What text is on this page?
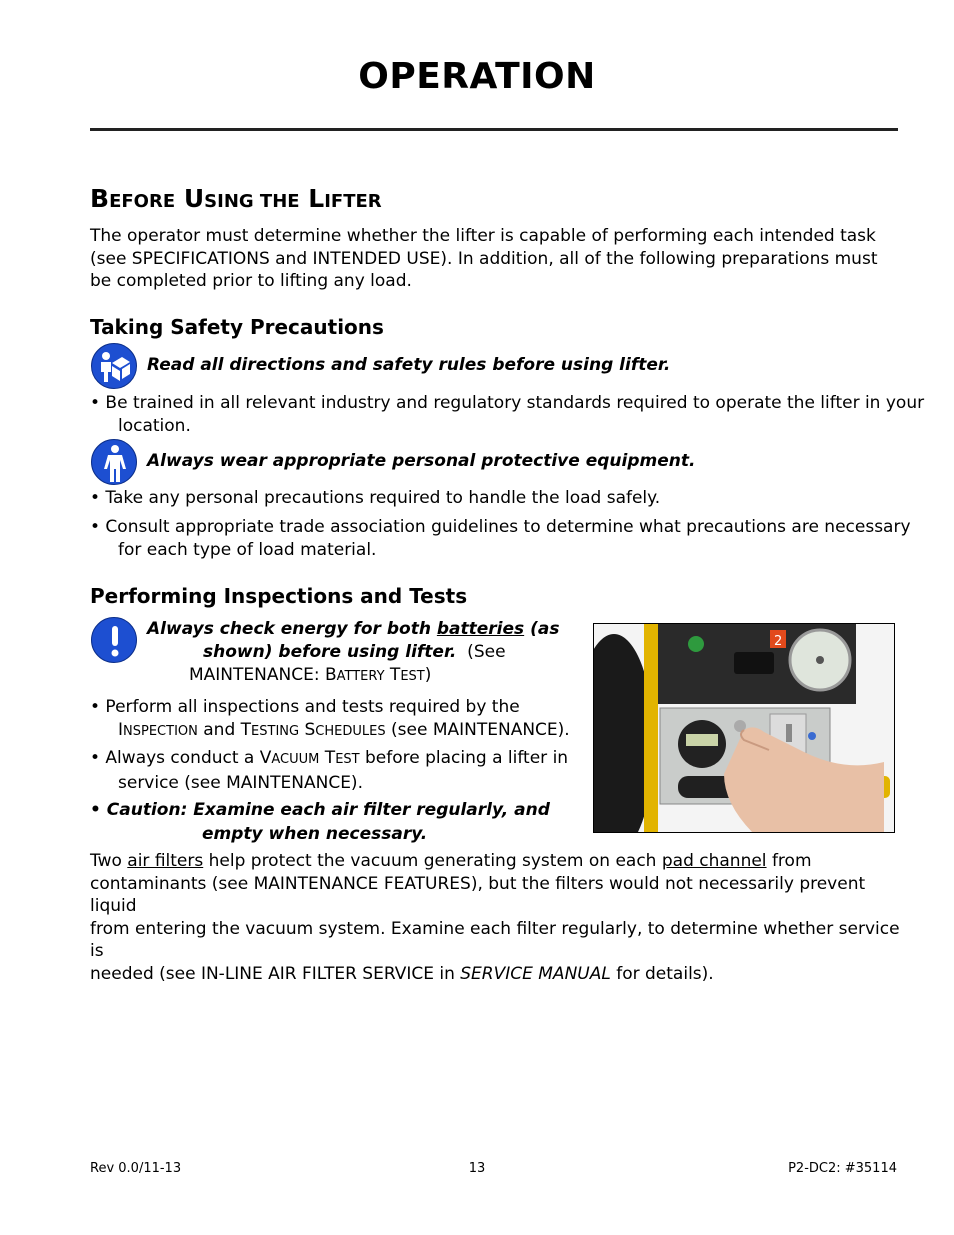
OPERATION
BEFORE USING THE LIFTER
The operator must determine whether the lifter is capable of performing each intended task (see SPECIFICATIONS and INTENDED USE). In addition, all of the following preparations must be completed prior to lifting any load.
Taking Safety Precautions
Read all directions and safety rules before using lifter.
• Be trained in all relevant industry and regulatory standards required to operate the lifter in your
location.
Always wear appropriate personal protective equipment.
• Take any personal precautions required to handle the load safely.
• Consult appropriate trade association guidelines to determine what precautions are necessary
for each type of load material.
Performing Inspections and Tests
Always check energy for both batteries (as
shown) before using lifter.  (See
MAINTENANCE: BATTERY TEST)
• Perform all inspections and tests required by the
INSPECTION and TESTING SCHEDULES (see MAINTENANCE).
• Always conduct a VACUUM TEST before placing a lifter in
service (see MAINTENANCE).
• Caution: Examine each air filter regularly, and
empty when necessary.
2
Two air filters help protect the vacuum generating system on each pad channel from
contaminants (see MAINTENANCE FEATURES), but the filters would not necessarily prevent liquid
from entering the vacuum system. Examine each filter regularly, to determine whether service is
needed (see IN-LINE AIR FILTER SERVICE in SERVICE MANUAL for details).
Rev 0.0/11-13	13	P2-DC2: #35114
